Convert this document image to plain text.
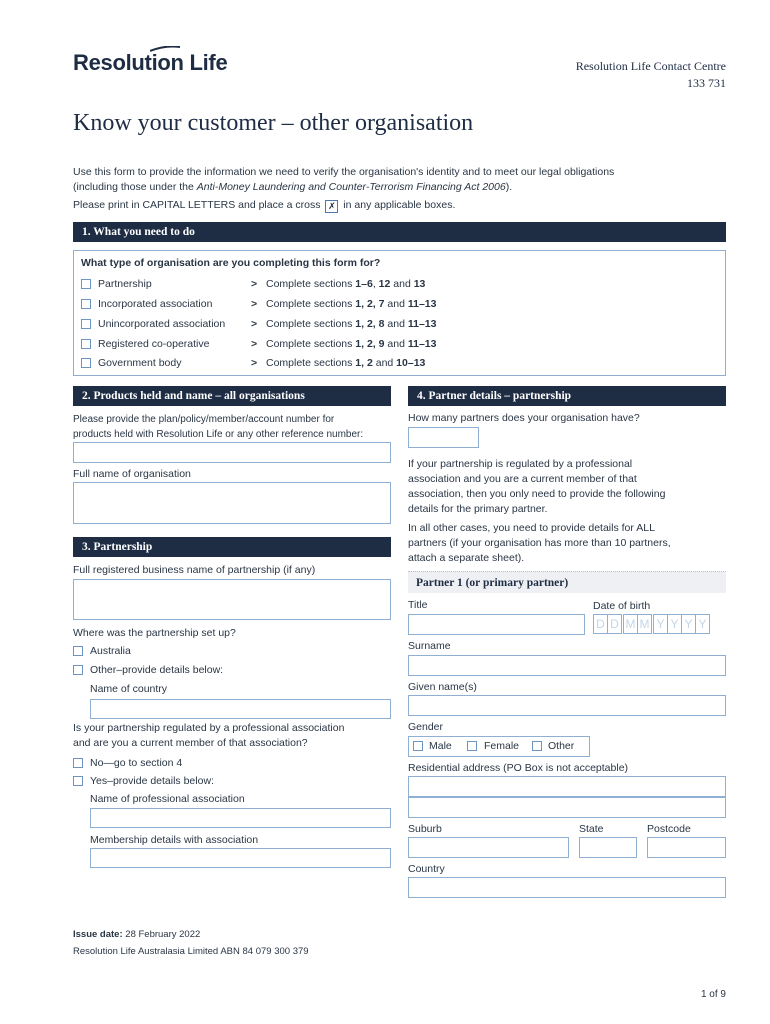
Resolution Life	Resolution Life Contact Centre
133 731
Know your customer – other organisation
Use this form to provide the information we need to verify the organisation's identity and to meet our legal obligations
(including those under the Anti-Money Laundering and Counter-Terrorism Financing Act 2006).
Please print in CAPITAL LETTERS and place a cross ✗ in any applicable boxes.
1. What you need to do
What type of organisation are you completing this form for?
Partnership	> Complete sections 1–6, 12 and 13
Incorporated association	> Complete sections 1, 2, 7 and 11–13
Unincorporated association > Complete sections 1, 2, 8 and 11–13
Registered co-operative	> Complete sections 1, 2, 9 and 11–13
Government body	> Complete sections 1, 2 and 10–13
2. Products held and name – all organisations
Please provide the plan/policy/member/account number for
products held with Resolution Life or any other reference number:
Full name of organisation
3. Partnership
Full registered business name of partnership (if any)
Where was the partnership set up?
Australia
Other–provide details below:
Name of country
Is your partnership regulated by a professional association
and are you a current member of that association?
No—go to section 4
Yes–provide details below:
Name of professional association
Membership details with association
4. Partner details – partnership
How many partners does your organisation have?
If your partnership is regulated by a professional
association and you are a current member of that
association, then you only need to provide the following
details for the primary partner.
In all other cases, you need to provide details for ALL
partners (if your organisation has more than 10 partners,
attach a separate sheet).
Partner 1 (or primary partner)
Title	Date of birth
D D M M Y Y Y Y
Surname
Given name(s)
Gender
Male	Female	Other
Residential address (PO Box is not acceptable)
Suburb	State	Postcode
Country
Issue date: 28 February 2022
Resolution Life Australasia Limited ABN 84 079 300 379
1 of 9
